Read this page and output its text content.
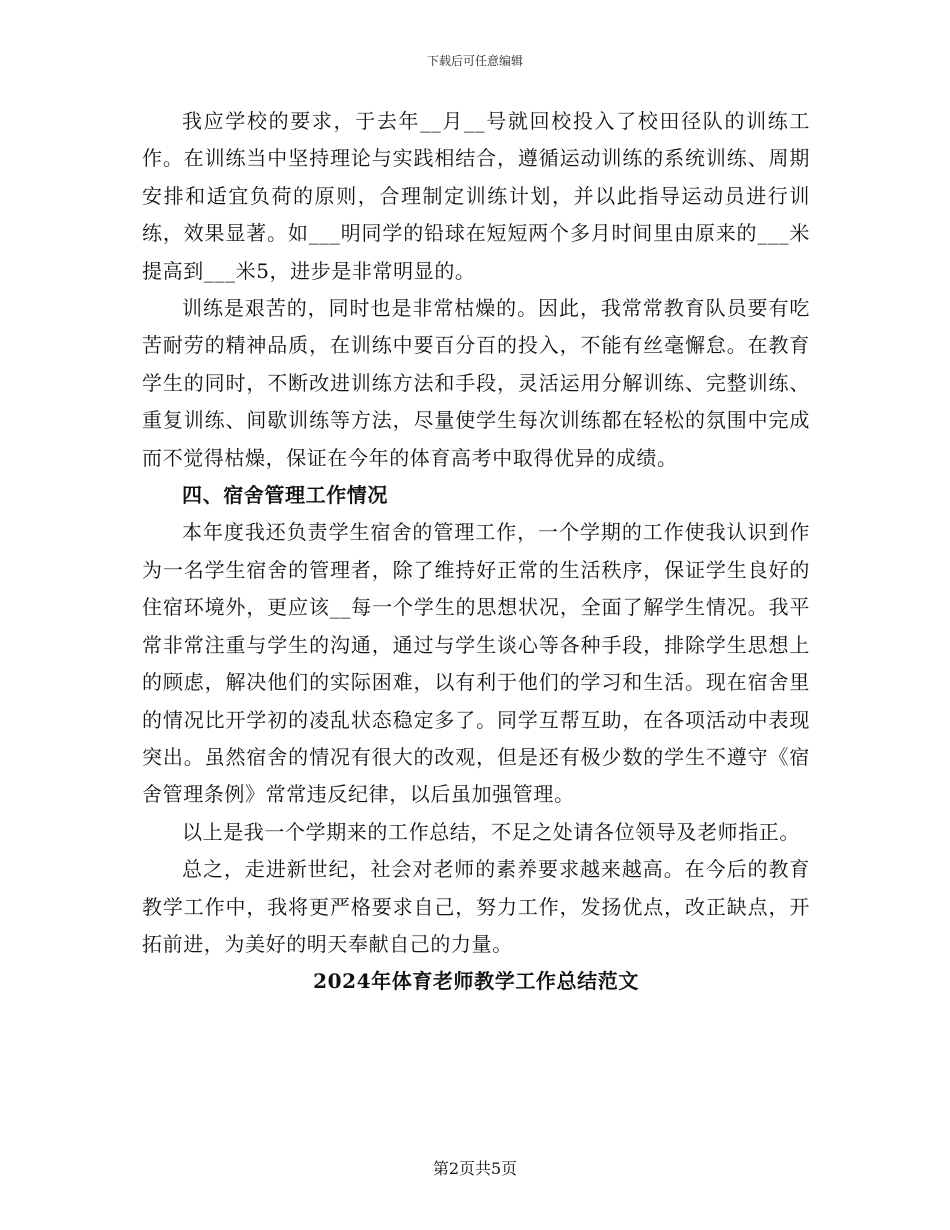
下载后可任意编辑

我应学校的要求，于去年__月__号就回校投入了校田径队的训练工作。在训练当中坚持理论与实践相结合，遵循运动训练的系统训练、周期安排和适宜负荷的原则，合理制定训练计划，并以此指导运动员进行训练，效果显著。如___明同学的铅球在短短两个多月时间里由原来的___米提高到___米5，进步是非常明显的。

训练是艰苦的，同时也是非常枯燥的。因此，我常常教育队员要有吃苦耐劳的精神品质，在训练中要百分百的投入，不能有丝毫懈怠。在教育学生的同时，不断改进训练方法和手段，灵活运用分解训练、完整训练、重复训练、间歇训练等方法，尽量使学生每次训练都在轻松的氛围中完成而不觉得枯燥，保证在今年的体育高考中取得优异的成绩。

四、宿舍管理工作情况

本年度我还负责学生宿舍的管理工作，一个学期的工作使我认识到作为一名学生宿舍的管理者，除了维持好正常的生活秩序，保证学生良好的住宿环境外，更应该__每一个学生的思想状况，全面了解学生情况。我平常非常注重与学生的沟通，通过与学生谈心等各种手段，排除学生思想上的顾虑，解决他们的实际困难，以有利于他们的学习和生活。现在宿舍里的情况比开学初的凌乱状态稳定多了。同学互帮互助，在各项活动中表现突出。虽然宿舍的情况有很大的改观，但是还有极少数的学生不遵守《宿舍管理条例》常常违反纪律，以后虽加强管理。

以上是我一个学期来的工作总结，不足之处请各位领导及老师指正。

总之，走进新世纪，社会对老师的素养要求越来越高。在今后的教育教学工作中，我将更严格要求自己，努力工作，发扬优点，改正缺点，开拓前进，为美好的明天奉献自己的力量。

2024年体育老师教学工作总结范文

第2页共5页
